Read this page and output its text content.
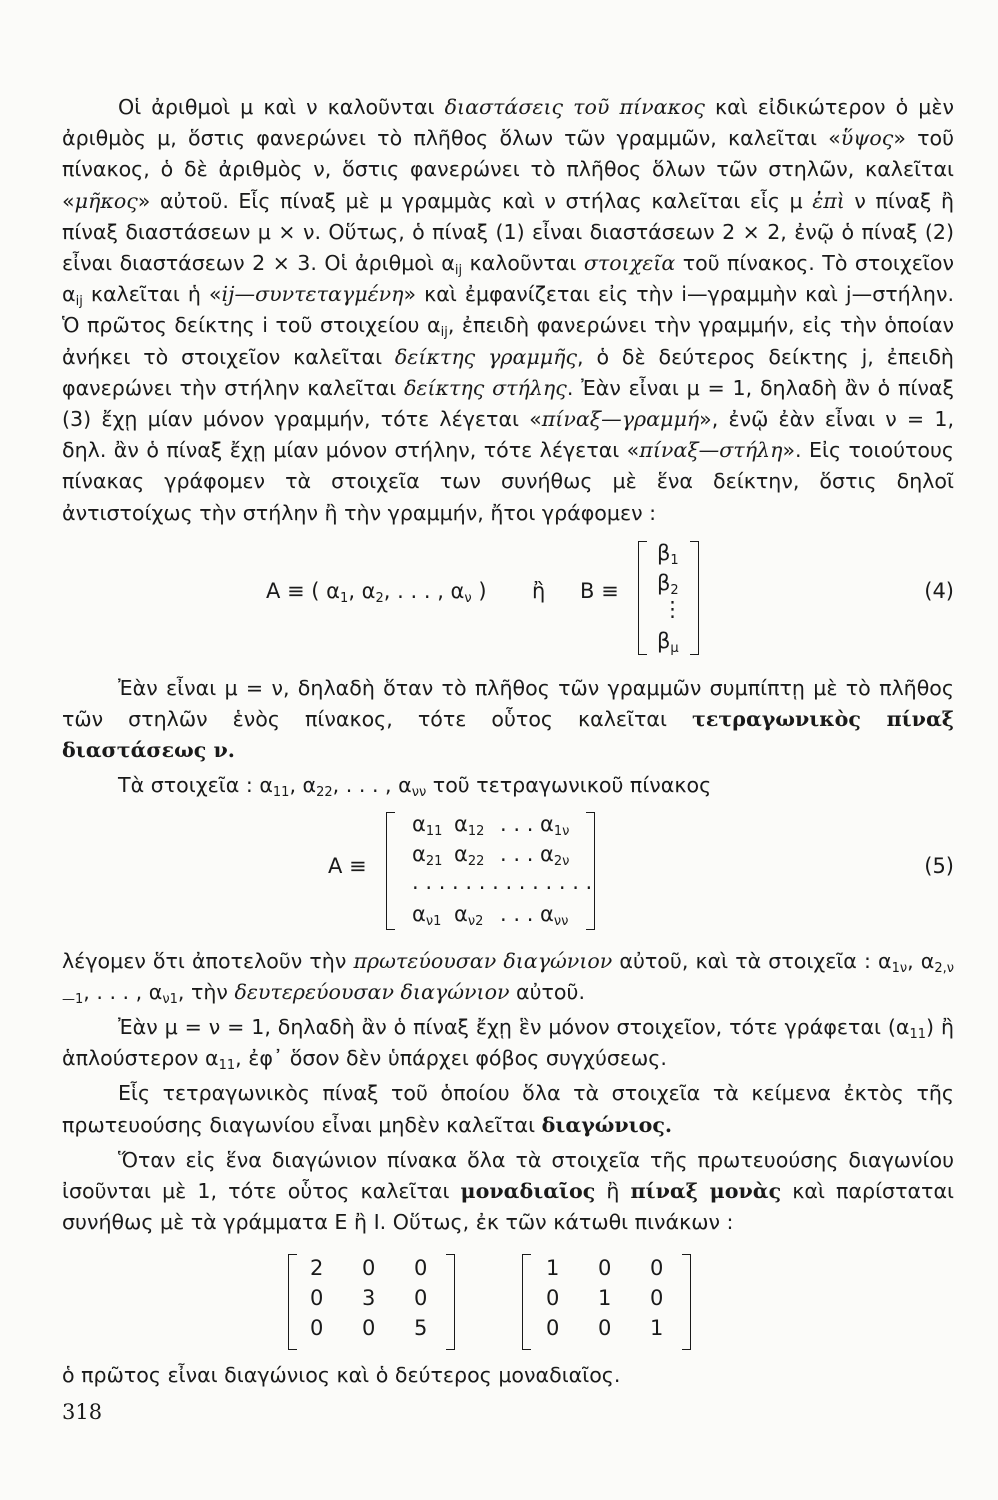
Οἱ ἀριθμοὶ μ καὶ ν καλοῦνται διαστάσεις τοῦ πίνακος καὶ εἰδικώτερον ὁ μὲν ἀριθμὸς μ, ὅστις φανερώνει τὸ πλῆθος ὅλων τῶν γραμμῶν, καλεῖται «ὕψος» τοῦ πίνακος, ὁ δὲ ἀριθμὸς ν, ὅστις φανερώνει τὸ πλῆθος ὅλων τῶν στηλῶν, καλεῖται «μῆκος» αὐτοῦ. Εἷς πίναξ μὲ μ γραμμὰς καὶ ν στήλας καλεῖται εἷς μ ἐπὶ ν πίναξ ἢ πίναξ διαστάσεων μ × ν. Οὕτως, ὁ πίναξ (1) εἶναι διαστάσεων 2 × 2, ἐνῷ ὁ πίναξ (2) εἶναι διαστάσεων 2 × 3. Οἱ ἀριθμοὶ $\alpha_{ij}$ καλοῦνται στοιχεῖα τοῦ πίνακος. Τὸ στοιχεῖον $\alpha_{ij}$ καλεῖται ἡ «ij—συντεταγμένη» καὶ ἐμφανίζεται εἰς τὴν i—γραμμὴν καὶ j—στήλην. Ὁ πρῶτος δείκτης i τοῦ στοιχείου $\alpha_{ij}$, ἐπειδὴ φανερώνει τὴν γραμμήν, εἰς τὴν ὁποίαν ἀνήκει τὸ στοιχεῖον καλεῖται δείκτης γραμμῆς, ὁ δὲ δεύτερος δείκτης j, ἐπειδὴ φανερώνει τὴν στήλην καλεῖται δείκτης στήλης. Ἐὰν εἶναι μ = 1, δηλαδὴ ἂν ὁ πίναξ (3) ἔχῃ μίαν μόνον γραμμήν, τότε λέγεται «πίναξ—γραμμή», ἐνῷ ἐὰν εἶναι ν = 1, δηλ. ἂν ὁ πίναξ ἔχῃ μίαν μόνον στήλην, τότε λέγεται «πίναξ—στήλη». Εἰς τοιούτους πίνακας γράφομεν τὰ στοιχεῖα των συνήθως μὲ ἕνα δείκτην, ὅστις δηλοῖ ἀντιστοίχως τὴν στήλην ἢ τὴν γραμμήν, ἤτοι γράφομεν :

A ≡ ( $\alpha_1$, $\alpha_2$, . . . , $\alpha_\nu$ ) ἢ B ≡
$\beta_1$
$\beta_2$
⋮
$\beta_\mu$
(4)

Ἐὰν εἶναι μ = ν, δηλαδὴ ὅταν τὸ πλῆθος τῶν γραμμῶν συμπίπτῃ μὲ τὸ πλῆθος τῶν στηλῶν ἑνὸς πίνακος, τότε οὗτος καλεῖται τετραγωνικὸς πίναξ διαστάσεως ν.

Τὰ στοιχεῖα : $\alpha_{11}$, $\alpha_{22}$, . . . , $\alpha_{\nu\nu}$ τοῦ τετραγωνικοῦ πίνακος

A ≡
$\alpha_{11}$ $\alpha_{12}$ . . . $\alpha_{1\nu}$
$\alpha_{21}$ $\alpha_{22}$ . . . $\alpha_{2\nu}$
. . . . . . . . . . . . . .
$\alpha_{\nu 1}$ $\alpha_{\nu 2}$ . . . $\alpha_{\nu\nu}$
(5)

λέγομεν ὅτι ἀποτελοῦν τὴν πρωτεύουσαν διαγώνιον αὐτοῦ, καὶ τὰ στοιχεῖα : $\alpha_{1\nu}$, $\alpha_{2,\nu—1}$, . . . , $\alpha_{\nu 1}$, τὴν δευτερεύουσαν διαγώνιον αὐτοῦ.

Ἐὰν μ = ν = 1, δηλαδὴ ἂν ὁ πίναξ ἔχῃ ἓν μόνον στοιχεῖον, τότε γράφεται $(\alpha_{11})$ ἢ ἁπλούστερον $\alpha_{11}$, ἐφ᾽ ὅσον δὲν ὑπάρχει φόβος συγχύσεως.

Εἷς τετραγωνικὸς πίναξ τοῦ ὁποίου ὅλα τὰ στοιχεῖα τὰ κείμενα ἐκτὸς τῆς πρωτευούσης διαγωνίου εἶναι μηδὲν καλεῖται διαγώνιος.

Ὅταν εἰς ἕνα διαγώνιον πίνακα ὅλα τὰ στοιχεῖα τῆς πρωτευούσης διαγωνίου ἰσοῦνται μὲ 1, τότε οὗτος καλεῖται μοναδιαῖος ἢ πίναξ μονὰς καὶ παρίσταται συνήθως μὲ τὰ γράμματα Ε ἢ Ι. Οὕτως, ἐκ τῶν κάτωθι πινάκων :

2 0 0
0 3 0
0 0 5
1 0 0
0 1 0
0 0 1

ὁ πρῶτος εἶναι διαγώνιος καὶ ὁ δεύτερος μοναδιαῖος.

318
